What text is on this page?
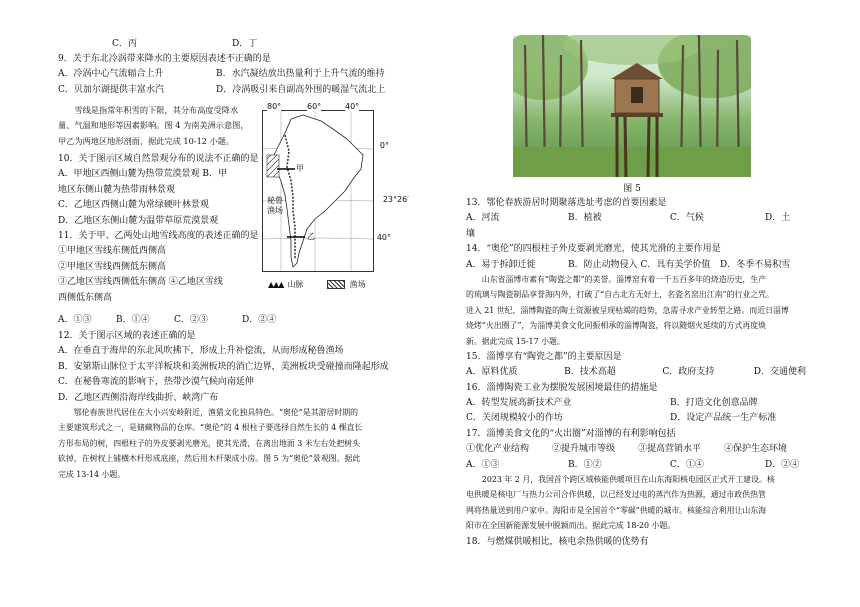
C．丙	D．丁
9．关于东北冷涡带来降水的主要原因表述不正确的是
A．冷涡中心气流辐合上升	B．水汽凝结放出热量利于上升气流的维持
C．贝加尔湖提供丰富水汽	D．冷涡吸引来自副高外围的暖湿气流北上
雪线是指常年积雪的下限，其分布高度受降水
量、气温和地形等因素影响。图 4 为南美洲示意图，
甲乙为两地区地形剖面，据此完成 10-12 小题。
10．关于图示区域自然景观分布的说法不正确的是
A．甲地区西侧山麓为热带荒漠景观 B．甲
地区东侧山麓为热带雨林景观
C．乙地区西侧山麓为常绿硬叶林景观
D．乙地区东侧山麓为温带草原荒漠景观
11．关于甲、乙两处山地雪线高度的表述正确的是
①甲地区雪线东侧低西侧高
②甲地区雪线西侧低东侧高
③乙地区雪线西侧低东侧高 ④乙地区雪线
西侧低东侧高
A．①③	B．①④	C．②③	D．②④
12．关于图示区域的表述正确的是
A．在垂直于海岸的东北风吹拂下，形成上升补偿流，从而形成秘鲁渔场
B．安第斯山脉位于太平洋板块和美洲板块的消亡边界，美洲板块受碰撞而隆起形成
C．在秘鲁寒流的影响下，热带沙漠气候向南延伸
D．乙地区西侧沿海岸线曲折、峡湾广布
鄂伦春族世代居住在大小兴安岭附近，渔猎文化独具特色。“奥伦”是其游居时期的
主要建筑形式之一，是储藏物品的仓库。“奥伦”的 4 根柱子要选择自然生长的 4 棵直长
方形布局的树，四根柱子的外皮要剥光磨光，使其光滑，在离出地面 3 米左右处把树头
砍掉，在树杈上铺橫木杆形成底座，然后用木杆架成小房。图 5 为“奥伦”景观图。据此
完成 13-14 小题。
80°	60°	40°
0°
23°26′
40°
甲
秘鲁
渔场
乙
▲▲▲ 山脉	渔场
图 5
13．鄂伦春族游居时期聚落选址考虑的首要因素是
A．河流	B．植被	C．气候	D．土
壤
14．“奥伦”的四根柱子外皮要剥光磨光，使其光滑的主要作用是
A．易于拆卸迁徙	B．防止动物侵入 C．具有美学价值	D．冬季不易积雪
山东省淄博市素有“陶瓷之都”的美誉。淄博窑有着一千五百多年的烧造历史，生产
的琉璃与陶瓷制品享誉海内外，打破了“自古北方无好土，名瓷名窑出江南”的行业之咒。
进入 21 世纪，淄博陶瓷的陶土资源被呈现枯竭的趋势，急需寻求产业转型之路。而近日淄博
烧烤“火出圈了”，为淄博美食文化同振相承的淄博陶瓷，将以随烟火延续的方式再度焕
新。据此完成 15-17 小题。
15．淄博享有“陶瓷之都”的主要原因是
A．原料优质	B．技术高超	C．政府支持	D．交通便利
16．淄博陶瓷工业为摆脱发展困境最佳的措施是
A．转型发展高新技术产业	B．打造文化创意品牌
C．关闭规模较小的作坊	D．设定产品统一生产标准
17．淄博美食文化的“火出圈”对淄博的有利影响包括
①优化产业结构	②提升城市等级	③提高营销水平	④保护生态环境
A．①③	B．①②	C．①④	D．②④
2023 年 2 月，我国首个跨区域核能供暖项目在山东海阳核电园区正式开工建设。核
电供暖是核电厂与热力公司合作供暖，以已经发过电的蒸汽作为热源，通过市政供热管
网将热量送到用户家中。海阳市是全国首个“零碳”供暖的城市。核能综合利用让山东海
阳市在全国新能源发展中脱颖而出。据此完成 18-20 小题。
18．与燃煤供暖相比，核电余热供暖的优势有
